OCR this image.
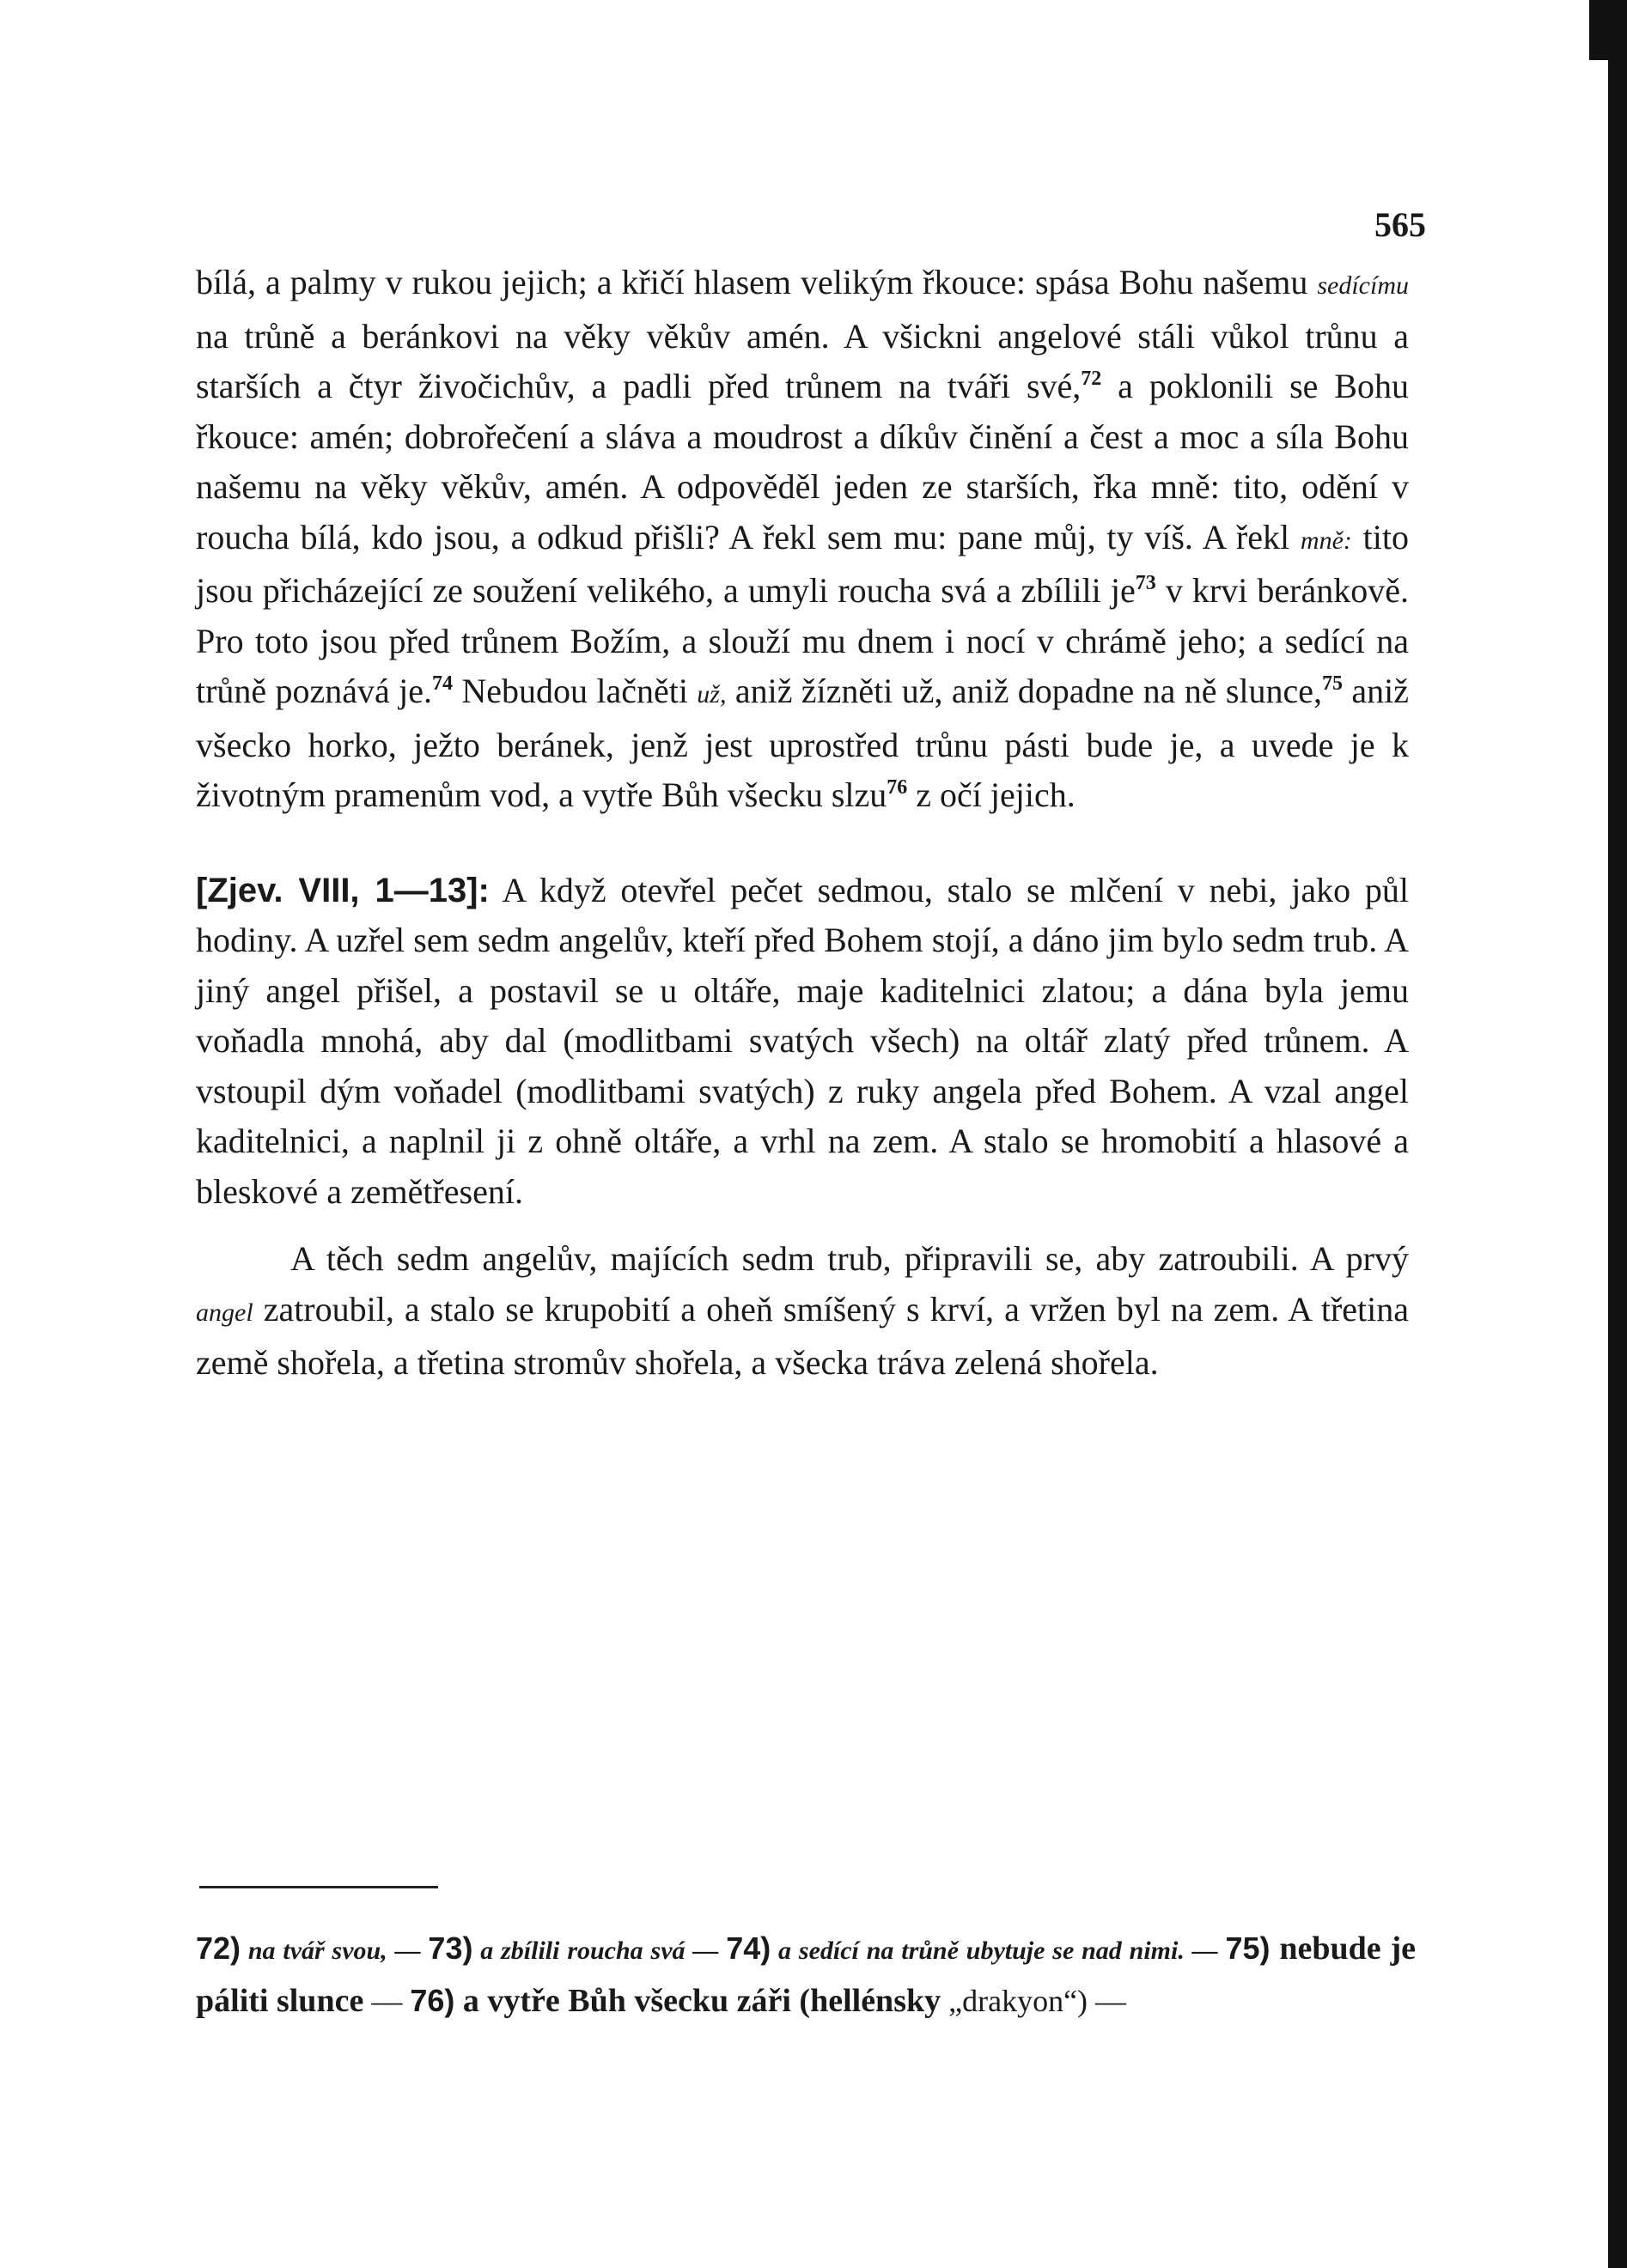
565

bílá, a palmy v rukou jejich; a křičí hlasem velikým řkouce: spása Bohu našemu sedícímu na trůně a beránkovi na věky věkův amén. A všickni angelové stáli vůkol trůnu a starších a čtyr živočichův, a padli před trůnem na tváři své,$^{72}$ a poklonili se Bohu řkouce: amén; dobrořečení a sláva a moudrost a díkův činění a čest a moc a síla Bohu našemu na věky věkův, amén. A odpověděl jeden ze starších, řka mně: tito, odění v roucha bílá, kdo jsou, a odkud přišli? A řekl sem mu: pane můj, ty víš. A řekl mně: tito jsou přicházející ze soužení velikého, a umyli roucha svá a zbílili $je^{73}$ v krvi beránkově. Pro toto jsou před trůnem Božím, a slouží mu dnem i nocí v chrámě jeho; a sedící na trůně poznává je.$^{74}$ Nebudou lačněti už, aniž žízněti už, aniž dopadne na ně slunce,$^{75}$ aniž všecko horko, ježto beránek, jenž jest uprostřed trůnu pásti bude je, a uvede je k životným pramenům vod, a vytře Bůh všecku slzu$^{76}$ z očí jejich.

[Zjev. VIII, 1—13]: A když otevřel pečet sedmou, stalo se mlčení v nebi, jako půl hodiny. A uzřel sem sedm angelův, kteří před Bohem stojí, a dáno jim bylo sedm trub. A jiný angel přišel, a postavil se u oltáře, maje kaditelnici zlatou; a dána byla jemu voňadla mnohá, aby dal (modlitbami svatých všech) na oltář zlatý před trůnem. A vstoupil dým voňadel (modlitbami svatých) z ruky angela před Bohem. A vzal angel kaditelnici, a naplnil ji z ohně oltáře, a vrhl na zem. A stalo se hromobití a hlasové a bleskové a zemětřesení.

A těch sedm angelův, majících sedm trub, připravili se, aby zatroubili. A prvý angel zatroubil, a stalo se krupobití a oheň smíšený s krví, a vržen byl na zem. A třetina země shořela, a třetina stromův shořela, a všecka tráva zelená shořela.

72) na tvář svou, — 73) a zbílili roucha svá — 74) a sedící na trůně ubytuje se nad nimi. — 75) nebude je páliti slunce — 76) a vytře Bůh všecku záři (hellénsky „drakyon“) —
